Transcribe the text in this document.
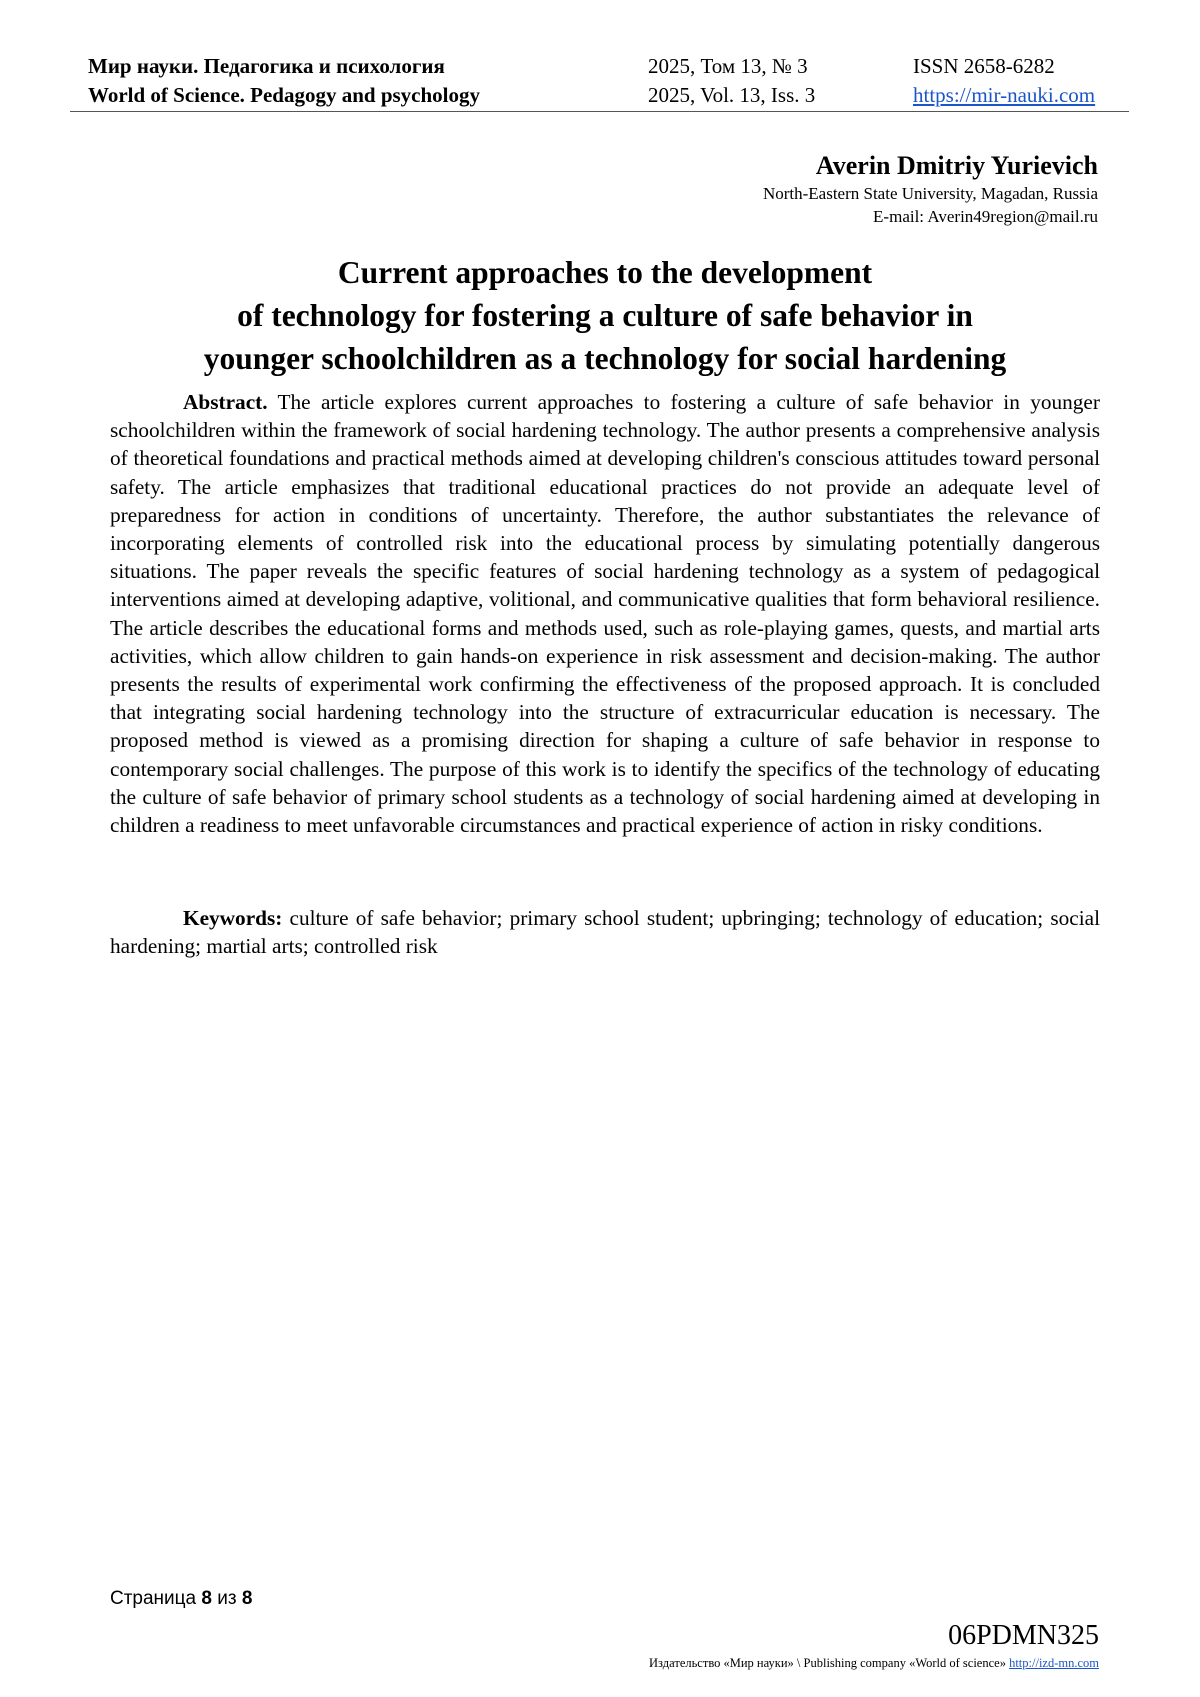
Мир науки. Педагогика и психология
World of Science. Pedagogy and psychology
2025, Том 13, № 3
2025, Vol. 13, Iss. 3
ISSN 2658-6282
https://mir-nauki.com
Averin Dmitriy Yurievich
North-Eastern State University, Magadan, Russia
E-mail: Averin49region@mail.ru
Current approaches to the development
of technology for fostering a culture of safe behavior in
younger schoolchildren as a technology for social hardening

Abstract. The article explores current approaches to fostering a culture of safe behavior in younger schoolchildren within the framework of social hardening technology. The author presents a comprehensive analysis of theoretical foundations and practical methods aimed at developing children's conscious attitudes toward personal safety. The article emphasizes that traditional educational practices do not provide an adequate level of preparedness for action in conditions of uncertainty. Therefore, the author substantiates the relevance of incorporating elements of controlled risk into the educational process by simulating potentially dangerous situations. The paper reveals the specific features of social hardening technology as a system of pedagogical interventions aimed at developing adaptive, volitional, and communicative qualities that form behavioral resilience. The article describes the educational forms and methods used, such as role-playing games, quests, and martial arts activities, which allow children to gain hands-on experience in risk assessment and decision-making. The author presents the results of experimental work confirming the effectiveness of the proposed approach. It is concluded that integrating social hardening technology into the structure of extracurricular education is necessary. The proposed method is viewed as a promising direction for shaping a culture of safe behavior in response to contemporary social challenges. The purpose of this work is to identify the specifics of the technology of educating the culture of safe behavior of primary school students as a technology of social hardening aimed at developing in children a readiness to meet unfavorable circumstances and practical experience of action in risky conditions.

Keywords: culture of safe behavior; primary school student; upbringing; technology of education; social hardening; martial arts; controlled risk

Страница 8 из 8
06PDMN325
Издательство «Мир науки» \ Publishing company «World of science» http://izd-mn.com
